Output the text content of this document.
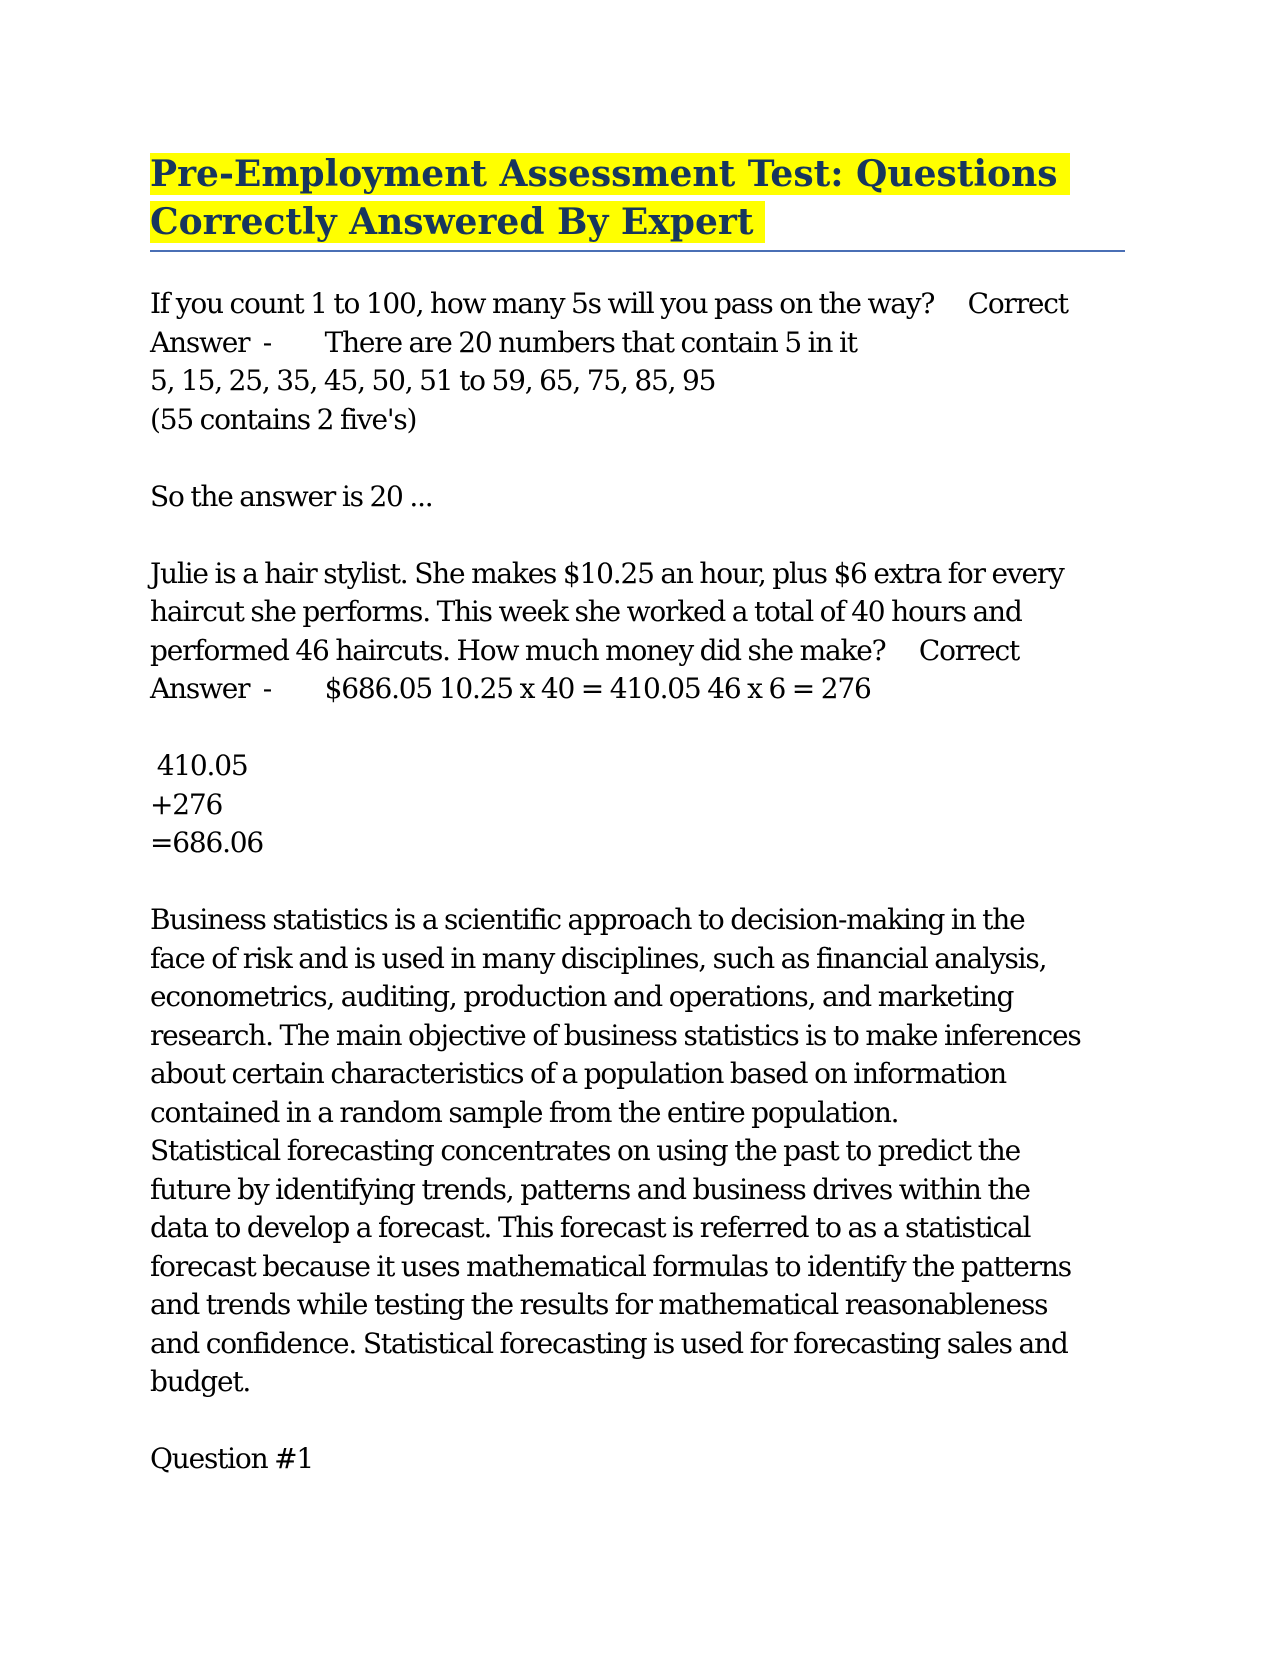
Pre-Employment Assessment Test: Questions
Correctly Answered By Expert
If you count 1 to 100, how many 5s will you pass on the way? Correct
Answer  - There are 20 numbers that contain 5 in it
5, 15, 25, 35, 45, 50, 51 to 59, 65, 75, 85, 95
(55 contains 2 five's)
So the answer is 20 ...
Julie is a hair stylist. She makes $10.25 an hour, plus $6 extra for every
haircut she performs. This week she worked a total of 40 hours and
performed 46 haircuts. How much money did she make? Correct
Answer  - $686.05 10.25 x 40 = 410.05 46 x 6 = 276
410.05
+276
=686.06
Business statistics is a scientific approach to decision-making in the
face of risk and is used in many disciplines, such as financial analysis,
econometrics, auditing, production and operations, and marketing
research. The main objective of business statistics is to make inferences
about certain characteristics of a population based on information
contained in a random sample from the entire population.
Statistical forecasting concentrates on using the past to predict the
future by identifying trends, patterns and business drives within the
data to develop a forecast. This forecast is referred to as a statistical
forecast because it uses mathematical formulas to identify the patterns
and trends while testing the results for mathematical reasonableness
and confidence. Statistical forecasting is used for forecasting sales and
budget.
Question #1
